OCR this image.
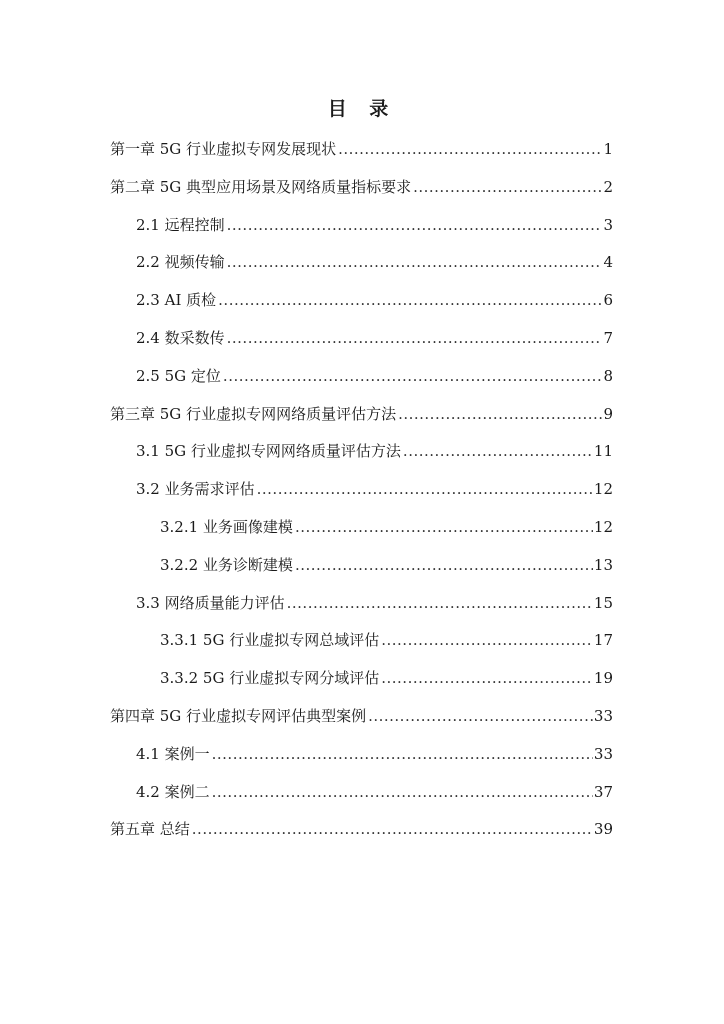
目 录
第一章 5G 行业虚拟专网发展现状 .....	1
第二章 5G 典型应用场景及网络质量指标要求 .....	2
2.1 远程控制 .....	3
2.2 视频传输 .....	4
2.3 AI 质检 .....	6
2.4 数采数传 .....	7
2.5 5G 定位 .....	8
第三章 5G 行业虚拟专网网络质量评估方法 .....	9
3.1 5G 行业虚拟专网网络质量评估方法 .....	11
3.2 业务需求评估 .....	12
3.2.1 业务画像建模 .....	12
3.2.2 业务诊断建模 .....	13
3.3 网络质量能力评估 .....	15
3.3.1 5G 行业虚拟专网总域评估 .....	17
3.3.2 5G 行业虚拟专网分域评估 .....	19
第四章 5G 行业虚拟专网评估典型案例 .....	33
4.1 案例一 .....	33
4.2 案例二 .....	37
第五章 总结 .....	39
